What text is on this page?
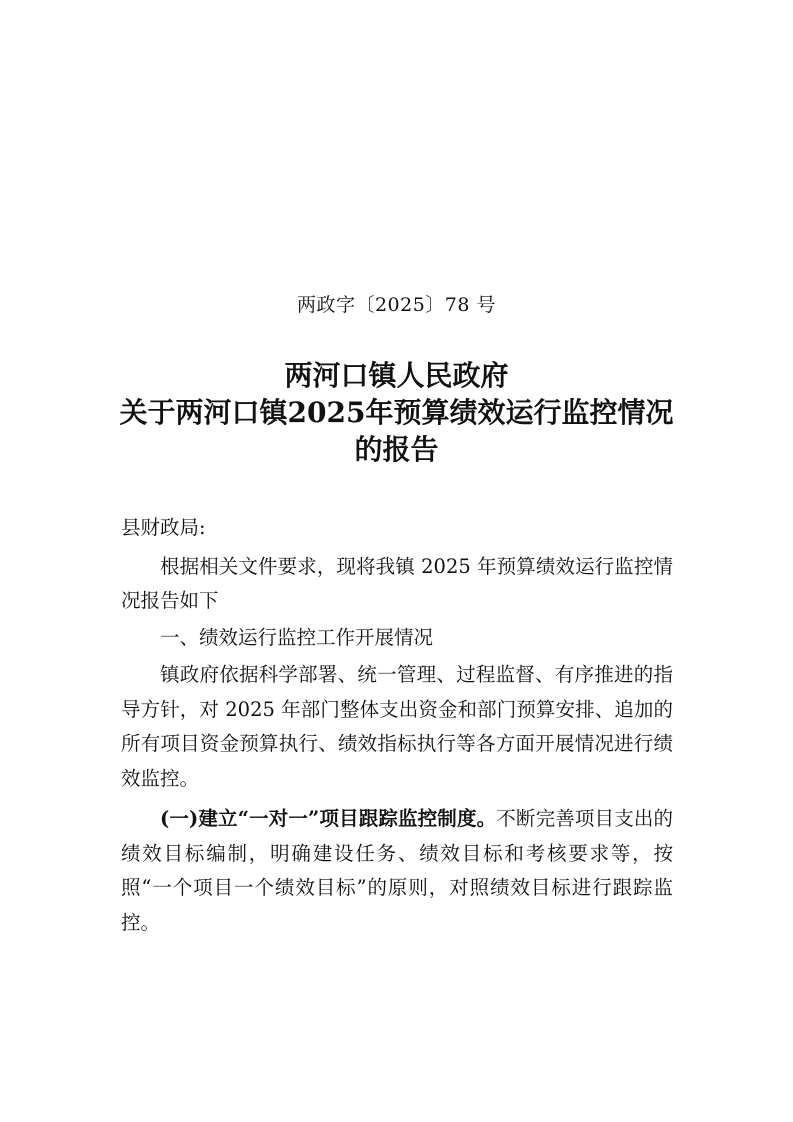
两政字〔2025〕78 号
两河口镇人民政府
关于两河口镇2025年预算绩效运行监控情况
的报告

县财政局:

根据相关文件要求，现将我镇 2025 年预算绩效运行监控情况报告如下

一、绩效运行监控工作开展情况

镇政府依据科学部署、统一管理、过程监督、有序推进的指导方针，对 2025 年部门整体支出资金和部门预算安排、追加的所有项目资金预算执行、绩效指标执行等各方面开展情况进行绩效监控。

(一)建立“一对一”项目跟踪监控制度。不断完善项目支出的绩效目标编制，明确建设任务、绩效目标和考核要求等，按照“一个项目一个绩效目标”的原则，对照绩效目标进行跟踪监控。
